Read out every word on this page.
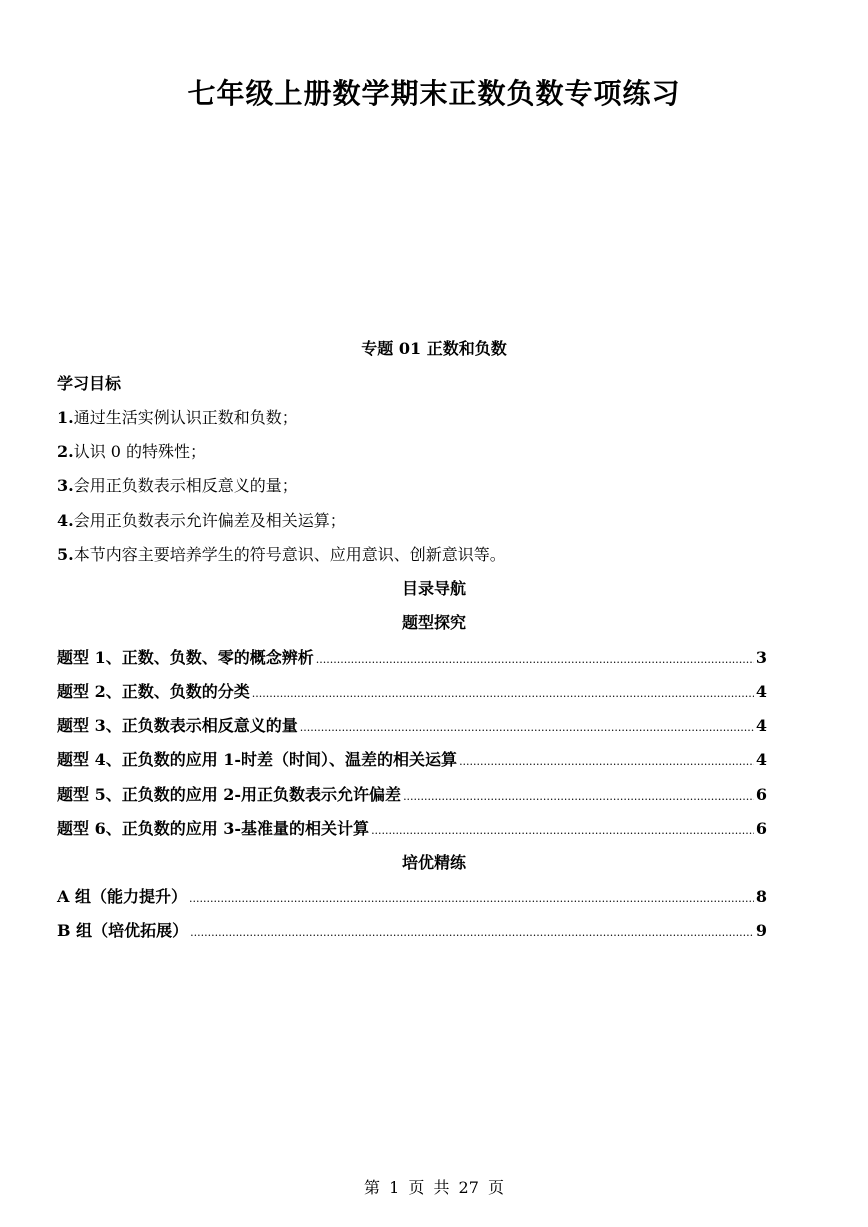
七年级上册数学期末正数负数专项练习
专题 01 正数和负数
学习目标
1.通过生活实例认识正数和负数；
2.认识 0 的特殊性；
3.会用正负数表示相反意义的量；
4.会用正负数表示允许偏差及相关运算；
5.本节内容主要培养学生的符号意识、应用意识、创新意识等。
目录导航
题型探究
题型 1、正数、负数、零的概念辨析 .....	3
题型 2、正数、负数的分类 .....	4
题型 3、正负数表示相反意义的量 .....	4
题型 4、正负数的应用 1-时差（时间）、温差的相关运算 .....	4
题型 5、正负数的应用 2-用正负数表示允许偏差 .....	6
题型 6、正负数的应用 3-基准量的相关计算 .....	6
培优精练
A 组（能力提升） .....	8
B 组（培优拓展） .....	9
第 1 页 共 27 页
